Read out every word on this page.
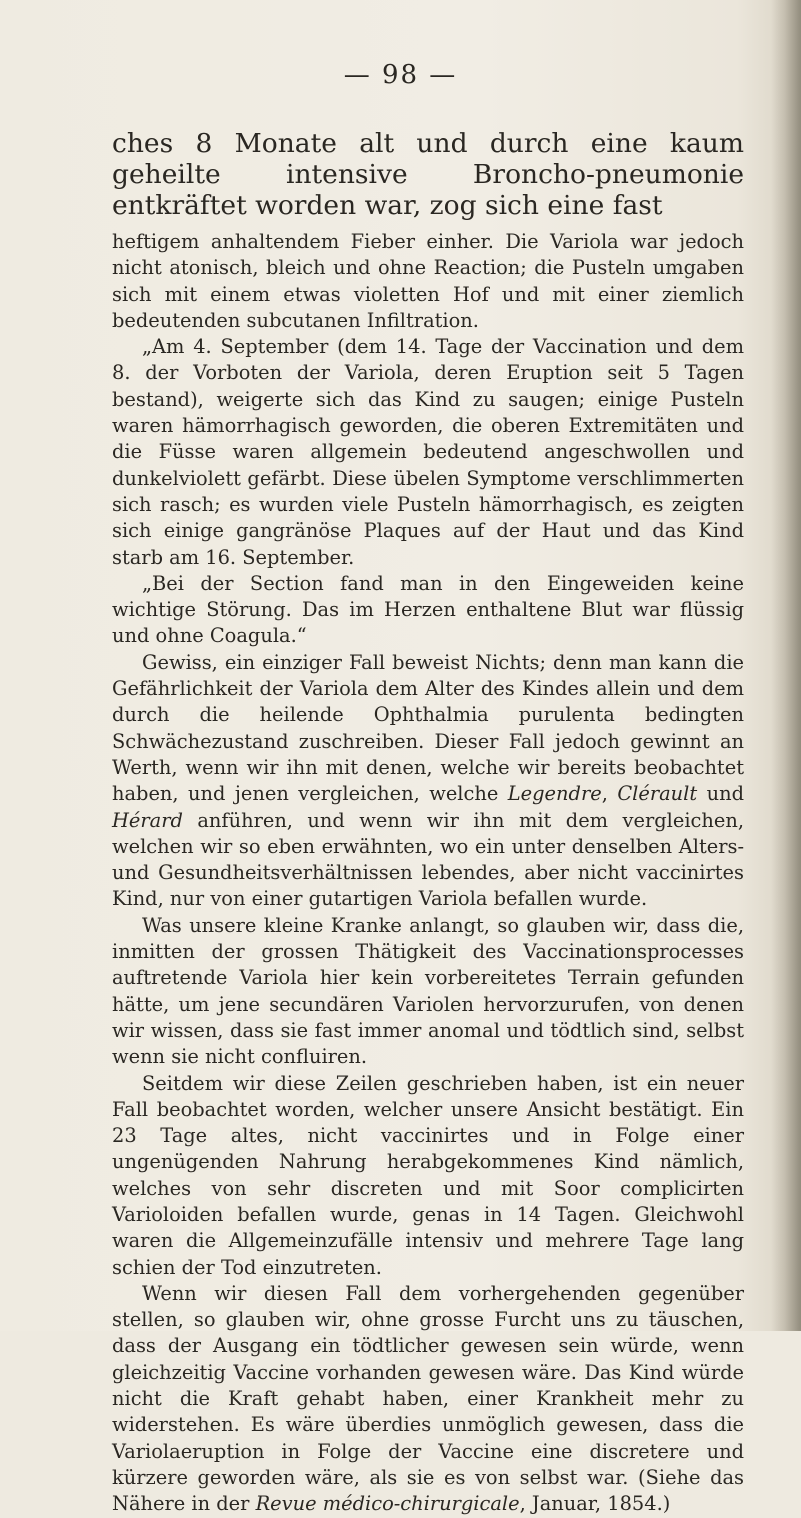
— 98 —

ches 8 Monate alt und durch eine kaum geheilte intensive Broncho-pneumonie entkräftet worden war, zog sich eine fast

heftigem anhaltendem Fieber einher. Die Variola war jedoch nicht atonisch, bleich und ohne Reaction; die Pusteln umgaben sich mit einem etwas violetten Hof und mit einer ziemlich bedeutenden subcutanen Infiltration.

„Am 4. September (dem 14. Tage der Vaccination und dem 8. der Vorboten der Variola, deren Eruption seit 5 Tagen bestand), weigerte sich das Kind zu saugen; einige Pusteln waren hämorrhagisch geworden, die oberen Extremitäten und die Füsse waren allgemein bedeutend angeschwollen und dunkelviolett gefärbt. Diese übelen Symptome verschlimmerten sich rasch; es wurden viele Pusteln hämorrhagisch, es zeigten sich einige gangränöse Plaques auf der Haut und das Kind starb am 16. September.

„Bei der Section fand man in den Eingeweiden keine wichtige Störung. Das im Herzen enthaltene Blut war flüssig und ohne Coagula.“

Gewiss, ein einziger Fall beweist Nichts; denn man kann die Gefährlichkeit der Variola dem Alter des Kindes allein und dem durch die heilende Ophthalmia purulenta bedingten Schwächezustand zuschreiben. Dieser Fall jedoch gewinnt an Werth, wenn wir ihn mit denen, welche wir bereits beobachtet haben, und jenen vergleichen, welche Legendre, Clérault und Hérard anführen, und wenn wir ihn mit dem vergleichen, welchen wir so eben erwähnten, wo ein unter denselben Alters- und Gesundheitsverhältnissen lebendes, aber nicht vaccinirtes Kind, nur von einer gutartigen Variola befallen wurde.

Was unsere kleine Kranke anlangt, so glauben wir, dass die, inmitten der grossen Thätigkeit des Vaccinationsprocesses auftretende Variola hier kein vorbereitetes Terrain gefunden hätte, um jene secundären Variolen hervorzurufen, von denen wir wissen, dass sie fast immer anomal und tödtlich sind, selbst wenn sie nicht confluiren.

Seitdem wir diese Zeilen geschrieben haben, ist ein neuer Fall beobachtet worden, welcher unsere Ansicht bestätigt. Ein 23 Tage altes, nicht vaccinirtes und in Folge einer ungenügenden Nahrung herabgekommenes Kind nämlich, welches von sehr discreten und mit Soor complicirten Varioloiden befallen wurde, genas in 14 Tagen. Gleichwohl waren die Allgemeinzufälle intensiv und mehrere Tage lang schien der Tod einzutreten.

Wenn wir diesen Fall dem vorhergehenden gegenüber stellen, so glauben wir, ohne grosse Furcht uns zu täuschen, dass der Ausgang ein tödtlicher gewesen sein würde, wenn gleichzeitig Vaccine vorhanden gewesen wäre. Das Kind würde nicht die Kraft gehabt haben, einer Krankheit mehr zu widerstehen. Es wäre überdies unmöglich gewesen, dass die Variolaeruption in Folge der Vaccine eine discretere und kürzere geworden wäre, als sie es von selbst war. (Siehe das Nähere in der Revue médico-chirurgicale, Januar, 1854.)
